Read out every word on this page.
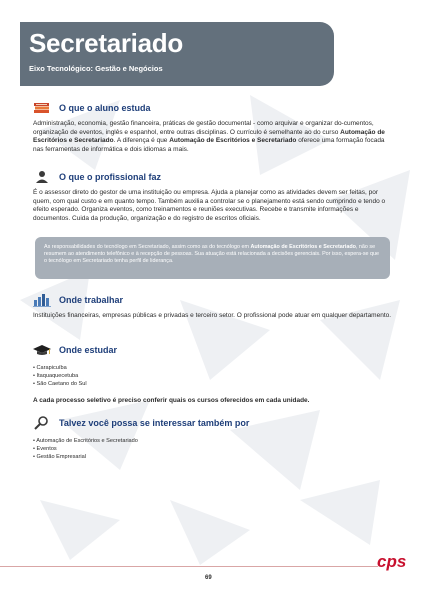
Secretariado
Eixo Tecnológico: Gestão e Negócios
O que o aluno estuda
Administração, economia, gestão financeira, práticas de gestão documental - como arquivar e organizar do-cumentos, organização de eventos, inglês e espanhol, entre outras disciplinas. O currículo é semelhante ao do curso Automação de Escritórios e Secretariado. A diferença é que Automação de Escritórios e Secretariado oferece uma formação focada nas ferramentas de informática e dois idiomas a mais.
O que o profissional faz
É o assessor direto do gestor de uma instituição ou empresa. Ajuda a planejar como as atividades devem ser feitas, por quem, com qual custo e em quanto tempo. Também auxilia a controlar se o planejamento está sendo cumprindo e tendo o efeito esperado. Organiza eventos, como treinamentos e reuniões executivas. Recebe e transmite informações e documentos. Cuida da produção, organização e do registro de escritos oficiais.
As responsabilidades do tecnólogo em Secretariado, assim como as do tecnólogo em Automação de Escritórios e Secretariado, não se resumem ao atendimento telefônico e à recepção de pessoas. Sua atuação está relacionada a decisões gerenciais. Por isso, espera-se que o tecnólogo em Secretariado tenha perfil de liderança.
Onde trabalhar
Instituições financeiras, empresas públicas e privadas e terceiro setor. O profissional pode atuar em qualquer departamento.
Onde estudar
• Carapicuíba
• Itaquaquecetuba
• São Caetano do Sul
A cada processo seletivo é preciso conferir quais os cursos oferecidos em cada unidade.
Talvez você possa se interessar também por
• Automação de Escritórios e Secretariado
• Eventos
• Gestão Empresarial
cps
69
